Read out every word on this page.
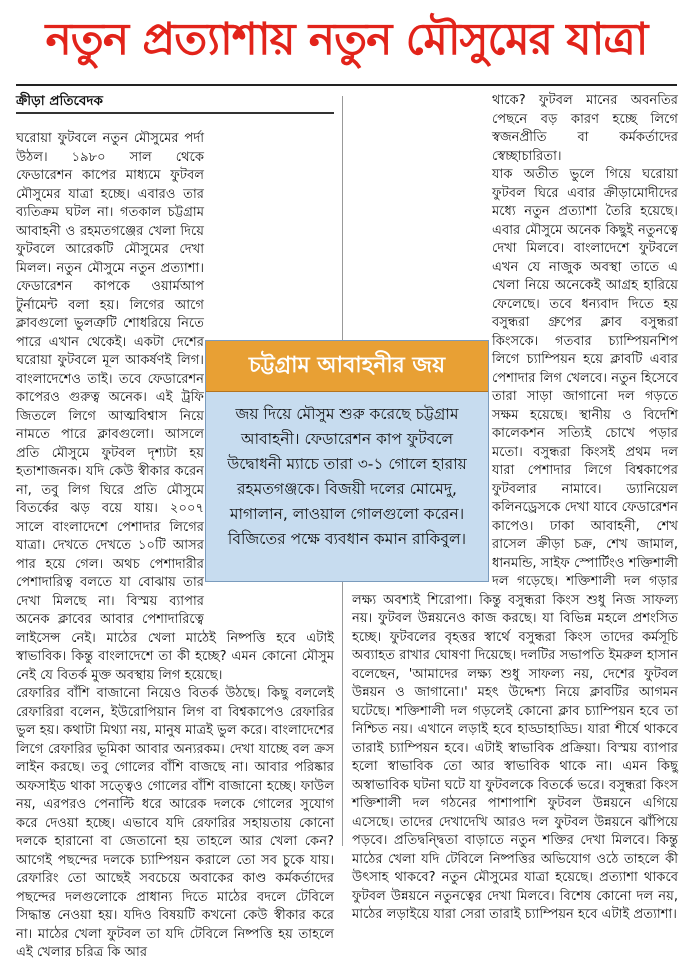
নতুন প্রত্যাশায় নতুন মৌসুমের যাত্রা
ক্রীড়া প্রতিবেদক

ঘরোয়া ফুটবলে নতুন মৌসুমের পর্দা উঠল। ১৯৮০ সাল থেকে ফেডারেশন কাপের মাধ্যমে ফুটবল মৌসুমের যাত্রা হচ্ছে। এবারও তার ব্যতিক্রম ঘটল না। গতকাল চট্টগ্রাম আবাহনী ও রহমতগঞ্জের খেলা দিয়ে ফুটবলে আরেকটি মৌসুমের দেখা মিলল। নতুন মৌসুমে নতুন প্রত্যাশা। ফেডারেশন কাপকে ওয়ার্মআপ টুর্নামেন্ট বলা হয়। লিগের আগে ক্লাবগুলো ভুলত্রুটি শোধরিয়ে নিতে পারে এখান থেকেই। একটা দেশের ঘরোয়া ফুটবলে মূল আকর্ষণই লিগ। বাংলাদেশেও তাই। তবে ফেডারেশন কাপেরও গুরুত্ব অনেক। এই ট্রফি জিতলে লিগে আত্মবিশ্বাস নিয়ে নামতে পারে ক্লাবগুলো। আসলে প্রতি মৌসুমে ফুটবল দৃশ্যটা হয় হতাশাজনক। যদি কেউ স্বীকার করেন না, তবু লিগ ঘিরে প্রতি মৌসুমে বিতর্কের ঝড় বয়ে যায়। ২০০৭ সালে বাংলাদেশে পেশাদার লিগের যাত্রা। দেখতে দেখতে ১০টি আসর পার হয়ে গেল। অথচ পেশাদারীর পেশাদারিত্ব বলতে যা বোঝায় তার দেখা মিলছে না। বিস্ময় ব্যাপার অনেক ক্লাবের আবার পেশাদারিত্বে লাইসেন্স নেই। মাঠের খেলা মাঠেই নিষ্পত্তি হবে এটাই স্বাভাবিক। কিন্তু বাংলাদেশে তা কী হচ্ছে? এমন কোনো মৌসুম নেই যে বিতর্ক মুক্ত অবস্থায় লিগ হয়েছে।

রেফারির বাঁশি বাজানো নিয়েও বিতর্ক উঠছে। কিছু বললেই রেফারিরা বলেন, ইউরোপিয়ান লিগ বা বিশ্বকাপেও রেফারির ভুল হয়। কথাটা মিথ্যা নয়, মানুষ মাত্রই ভুল করে। বাংলাদেশের লিগে রেফারির ভূমিকা আবার অন্যরকম। দেখা যাচ্ছে বল ক্রস লাইন করছে। তবু গোলের বাঁশি বাজছে না। আবার পরিষ্কার অফসাইড থাকা সত্ত্বেও গোলের বাঁশি বাজানো হচ্ছে। ফাউল নয়, এরপরও পেনাল্টি ধরে আরেক দলকে গোলের সুযোগ করে দেওয়া হচ্ছে। এভাবে যদি রেফারির সহায়তায় কোনো দলকে হারানো বা জেতানো হয় তাহলে আর খেলা কেন? আগেই পছন্দের দলকে চ্যাম্পিয়ন করালে তো সব চুকে যায়। রেফারিং তো আছেই সবচেয়ে অবাকের কাণ্ড কর্মকর্তাদের পছন্দের দলগুলোকে প্রাধান্য দিতে মাঠের বদলে টেবিলে সিদ্ধান্ত নেওয়া হয়। যদিও বিষয়টি কখনো কেউ স্বীকার করে না। মাঠের খেলা ফুটবল তা যদি টেবিলে নিষ্পত্তি হয় তাহলে এই খেলার চরিত্র কি আর

থাকে? ফুটবল মানের অবনতির পেছনে বড় কারণ হচ্ছে লিগে স্বজনপ্রীতি বা কর্মকর্তাদের স্বেচ্ছাচারিতা।

যাক অতীত ভুলে গিয়ে ঘরোয়া ফুটবল ঘিরে এবার ক্রীড়ামোদীদের মধ্যে নতুন প্রত্যাশা তৈরি হয়েছে। এবার মৌসুমে অনেক কিছুই নতুনত্বে দেখা মিলবে। বাংলাদেশে ফুটবলে এখন যে নাজুক অবস্থা তাতে এ খেলা নিয়ে অনেকেই আগ্রহ হারিয়ে ফেলেছে। তবে ধন্যবাদ দিতে হয় বসুন্ধরা গ্রুপের ক্লাব বসুন্ধরা কিংসকে। গতবার চ্যাম্পিয়নশিপ লিগে চ্যাম্পিয়ন হয়ে ক্লাবটি এবার পেশাদার লিগ খেলবে। নতুন হিসেবে তারা সাড়া জাগানো দল গড়তে সক্ষম হয়েছে। স্থানীয় ও বিদেশি কালেকশন সত্যিই চোখে পড়ার মতো। বসুন্ধরা কিংসই প্রথম দল যারা পেশাদার লিগে বিশ্বকাপের ফুটবলার নামাবে। ড্যানিয়েল কলিনড্রেসকে দেখা যাবে ফেডারেশন কাপেও। ঢাকা আবাহনী, শেখ রাসেল ক্রীড়া চক্র, শেখ জামাল, ধানমন্ডি, সাইফ স্পোর্টিংও শক্তিশালী দল গড়েছে। শক্তিশালী দল গড়ার লক্ষ্য অবশ্যই শিরোপা। কিন্তু বসুন্ধরা কিংস শুধু নিজ সাফল্য নয়। ফুটবল উন্নয়নেও কাজ করছে। যা বিভিন্ন মহলে প্রশংসিত হচ্ছে। ফুটবলের বৃহত্তর স্বার্থে বসুন্ধরা কিংস তাদের কর্মসূচি অব্যাহত রাখার ঘোষণা দিয়েছে। দলটির সভাপতি ইমরুল হাসান বলেছেন, 'আমাদের লক্ষ্য শুধু সাফল্য নয়, দেশের ফুটবল উন্নয়ন ও জাগানো।' মহৎ উদ্দেশ্য নিয়ে ক্লাবটির আগমন ঘটেছে। শক্তিশালী দল গড়লেই কোনো ক্লাব চ্যাম্পিয়ন হবে তা নিশ্চিত নয়। এখানে লড়াই হবে হাড্ডাহাড্ডি। যারা শীর্ষে থাকবে তারাই চ্যাম্পিয়ন হবে। এটাই স্বাভাবিক প্রক্রিয়া। বিস্ময় ব্যাপার হলো স্বাভাবিক তো আর স্বাভাবিক থাকে না। এমন কিছু অস্বাভাবিক ঘটনা ঘটে যা ফুটবলকে বিতর্কে ভরে। বসুন্ধরা কিংস শক্তিশালী দল গঠনের পাশাপাশি ফুটবল উন্নয়নে এগিয়ে এসেছে। তাদের দেখাদেখি আরও দল ফুটবল উন্নয়নে ঝাঁপিয়ে পড়বে। প্রতিদ্বন্দ্বিতা বাড়াতে নতুন শক্তির দেখা মিলবে। কিন্তু মাঠের খেলা যদি টেবিলে নিষ্পত্তির অভিযোগ ওঠে তাহলে কী উৎসাহ থাকবে? নতুন মৌসুমের যাত্রা হয়েছে। প্রত্যাশা থাকবে ফুটবল উন্নয়নে নতুনত্বের দেখা মিলবে। বিশেষ কোনো দল নয়, মাঠের লড়াইয়ে যারা সেরা তারাই চ্যাম্পিয়ন হবে এটাই প্রত্যাশা।

চট্টগ্রাম আবাহনীর জয়
জয় দিয়ে মৌসুম শুরু করেছে চট্টগ্রাম আবাহনী। ফেডারেশন কাপ ফুটবলে উদ্বোধনী ম্যাচে তারা ৩-১ গোলে হারায় রহমতগঞ্জকে। বিজয়ী দলের মোমেদু, মাগালান, লাওয়াল গোলগুলো করেন। বিজিতের পক্ষে ব্যবধান কমান রাকিবুল।
